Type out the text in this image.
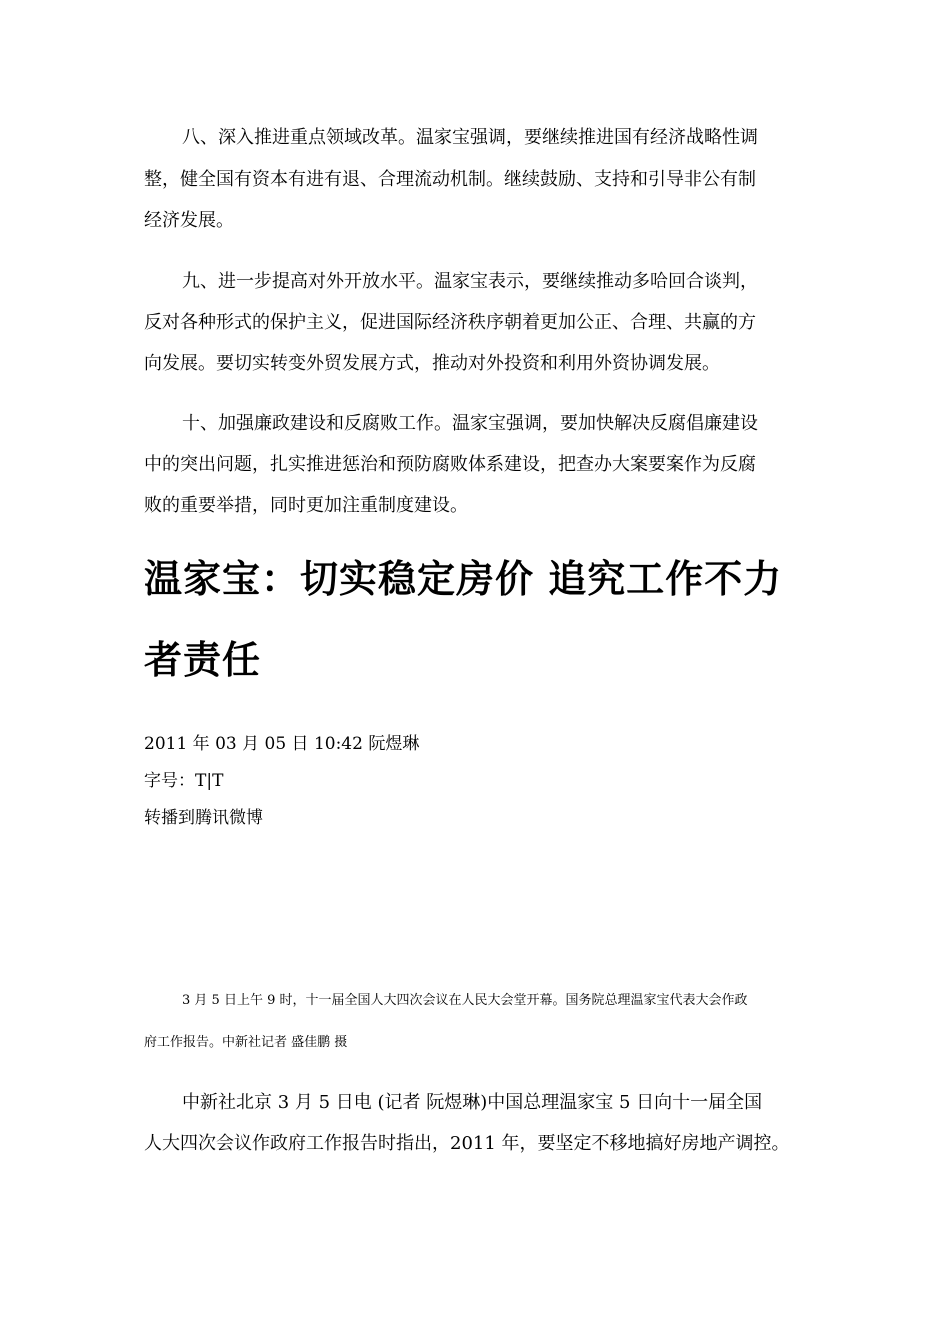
八、深入推进重点领域改革。温家宝强调，要继续推进国有经济战略性调
整，健全国有资本有进有退、合理流动机制。继续鼓励、支持和引导非公有制
经济发展。
九、进一步提高对外开放水平。温家宝表示，要继续推动多哈回合谈判，
反对各种形式的保护主义，促进国际经济秩序朝着更加公正、合理、共赢的方
向发展。要切实转变外贸发展方式，推动对外投资和利用外资协调发展。
十、加强廉政建设和反腐败工作。温家宝强调，要加快解决反腐倡廉建设
中的突出问题，扎实推进惩治和预防腐败体系建设，把查办大案要案作为反腐
败的重要举措，同时更加注重制度建设。
温家宝：切实稳定房价 追究工作不力
者责任
2011 年 03 月 05 日 10:42 阮煜琳
字号：T|T
转播到腾讯微博
3 月 5 日上午 9 时，十一届全国人大四次会议在人民大会堂开幕。国务院总理温家宝代表大会作政
府工作报告。中新社记者 盛佳鹏 摄
中新社北京 3 月 5 日电 (记者 阮煜琳)中国总理温家宝 5 日向十一届全国
人大四次会议作政府工作报告时指出，2011 年，要坚定不移地搞好房地产调控。
